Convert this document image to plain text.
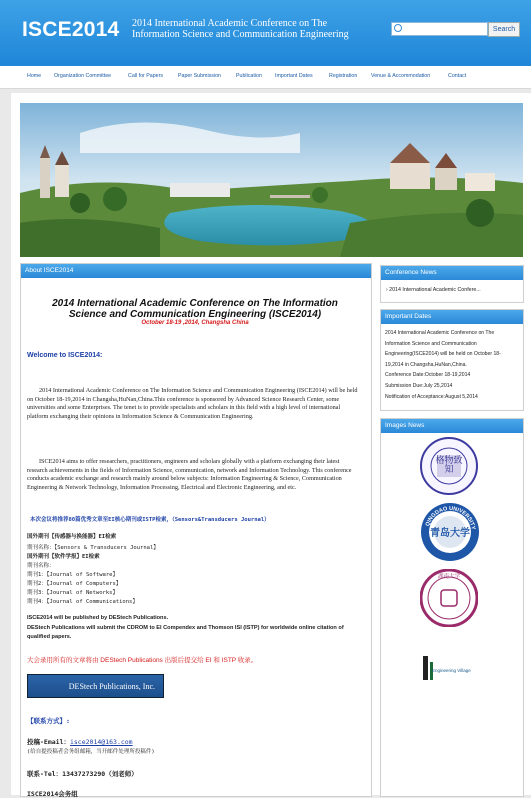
ISCE2014 2014 International Academic Conference on The
Information Science and Communication Engineering	Search
Home Organization Committee	Call for Papers	Paper Submission	Publication Important Dates	Registration	Venue & Accommodation	Contact
About ISCE2014
2014 International Academic Conference on The Information
Science and Communication Engineering (ISCE2014)
October 18-19 ,2014, Changsha China
Welcome to ISCE2014:
2014 International Academic Conference on The Information Science and Communication Engineering (ISCE2014) will be held on October 18-19,2014 in Changsha,HuNan,China.This conference is sponsored by Advanced Science Research Center, some universities and some Enterprises. The tenet is to provide specialists and scholars in this field with a high level of international platform exchanging their opinions in Information Science & Communication Engineering.
ISCE2014 aims to offer researchers, practitioners, engineers and scholars globally with a platform exchanging their latest research achievements in the fields of Information Science, communication, network and Information Technology. This conference conducts academic exchange and research mainly around below subjects: Information Engineering & Science, Communication Engineering & Network Technology, Information Processing, Electrical and Electronic Engineering, and etc.
本次会议将推荐80篇优秀文章至EI核心期刊或ISTP检索，（Sensors&Transducers Journal）
国外期刊【传感器与换能器】EI检索
期刊名称：【Sensors & Transducers Journal】
国外期刊【软件学报】EI检索
期刊名称：
期刊1：【Journal of Software】
期刊2：【Journal of Computers】
期刊3：【Journal of Networks】
期刊4：【Journal of Communications】
ISCE2014 will be published by DEStech Publications.
DEStech Publications will submit the CDROM to EI Compendex and Thomson ISI (ISTP) for worldwide online citation of qualified papers.
大会录用所有的文章将由 DEStech Publications 出版后提交给 EI 和 ISTP 收录。
DEStech Publications, Inc.
【联系方式】:
投稿-Email：isce2014@163.com
(给自提投稿者会务组邮箱，当开邮件处理所投稿件)
联系-Tel：13437273290（刘老师）
ISCE2014会务组
Conference News
› 2014 International Academic Confere...
Important Dates
2014 International Academic Conference on The
Information Science and Communication
Engineering(ISCE2014) will be held on October 18-
19,2014 in Changsha,HuNan,China.
Conference Date:October 18-19,2014
Submission Due:July 25,2014
Notification of Acceptance:August 5,2014
Images News
格物致知
QINGDAO UNIVERSITY
青岛大学
湖南大学
Engineering Village
